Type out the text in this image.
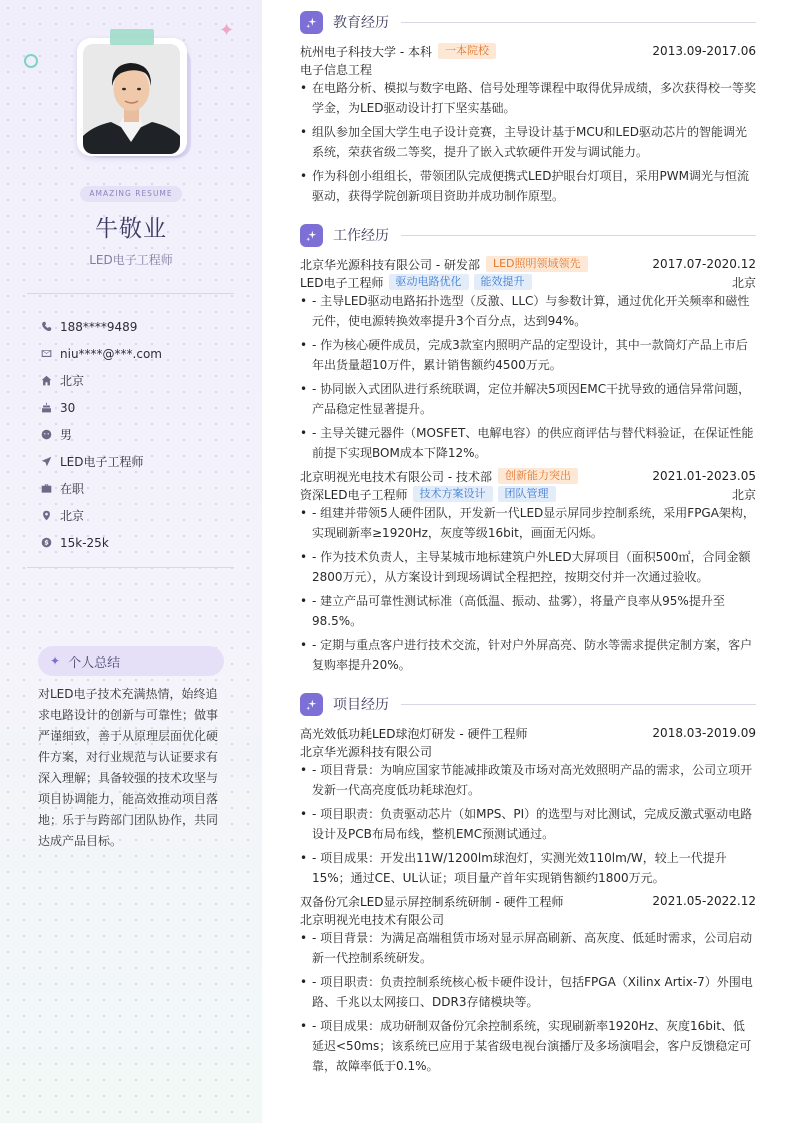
✦
AMAZING RESUME
牛敬业
LED电子工程师
188****9489
niu****@***.com
北京
30
男
LED电子工程师
在职
北京
15k-25k
✦ 个人总结
对LED电子技术充满热情，始终追求电路设计的创新与可靠性；做事严谨细致，善于从原理层面优化硬件方案，对行业规范与认证要求有深入理解；具备较强的技术攻坚与项目协调能力，能高效推动项目落地；乐于与跨部门团队协作，共同达成产品目标。
教育经历
杭州电子科技大学 - 本科	一本院校	2013.09-2017.06
电子信息工程
• 在电路分析、模拟与数字电路、信号处理等课程中取得优异成绩，多次获得校一等奖学金，为LED驱动设计打下坚实基础。
• 组队参加全国大学生电子设计竞赛，主导设计基于MCU和LED驱动芯片的智能调光系统，荣获省级二等奖，提升了嵌入式软硬件开发与调试能力。
• 作为科创小组组长，带领团队完成便携式LED护眼台灯项目，采用PWM调光与恒流驱动，获得学院创新项目资助并成功制作原型。
工作经历
北京华光源科技有限公司 - 研发部	LED照明领域领先	2017.07-2020.12
LED电子工程师	驱动电路优化	能效提升	北京
• - 主导LED驱动电路拓扑选型（反激、LLC）与参数计算，通过优化开关频率和磁性元件，使电源转换效率提升3个百分点，达到94%。
• - 作为核心硬件成员，完成3款室内照明产品的定型设计，其中一款筒灯产品上市后年出货量超10万件，累计销售额约4500万元。
• - 协同嵌入式团队进行系统联调，定位并解决5项因EMC干扰导致的通信异常问题，产品稳定性显著提升。
• - 主导关键元器件（MOSFET、电解电容）的供应商评估与替代料验证，在保证性能前提下实现BOM成本下降12%。
北京明视光电技术有限公司 - 技术部	创新能力突出	2021.01-2023.05
资深LED电子工程师	技术方案设计	团队管理	北京
• - 组建并带领5人硬件团队，开发新一代LED显示屏同步控制系统，采用FPGA架构，实现刷新率≥1920Hz，灰度等级16bit，画面无闪烁。
• - 作为技术负责人，主导某城市地标建筑户外LED大屏项目（面积500㎡，合同金额2800万元），从方案设计到现场调试全程把控，按期交付并一次通过验收。
• - 建立产品可靠性测试标准（高低温、振动、盐雾），将量产良率从95%提升至98.5%。
• - 定期与重点客户进行技术交流，针对户外屏高亮、防水等需求提供定制方案，客户复购率提升20%。
项目经历
高光效低功耗LED球泡灯研发 - 硬件工程师	2018.03-2019.09
北京华光源科技有限公司
• - 项目背景：为响应国家节能减排政策及市场对高光效照明产品的需求，公司立项开发新一代高亮度低功耗球泡灯。
• - 项目职责：负责驱动芯片（如MPS、PI）的选型与对比测试，完成反激式驱动电路设计及PCB布局布线，整机EMC预测试通过。
• - 项目成果：开发出11W/1200lm球泡灯，实测光效110lm/W，较上一代提升15%；通过CE、UL认证；项目量产首年实现销售额约1800万元。
双备份冗余LED显示屏控制系统研制 - 硬件工程师	2021.05-2022.12
北京明视光电技术有限公司
• - 项目背景：为满足高端租赁市场对显示屏高刷新、高灰度、低延时需求，公司启动新一代控制系统研发。
• - 项目职责：负责控制系统核心板卡硬件设计，包括FPGA（Xilinx Artix-7）外围电路、千兆以太网接口、DDR3存储模块等。
• - 项目成果：成功研制双备份冗余控制系统，实现刷新率1920Hz、灰度16bit、低延迟<50ms；该系统已应用于某省级电视台演播厅及多场演唱会，客户反馈稳定可靠，故障率低于0.1%。
